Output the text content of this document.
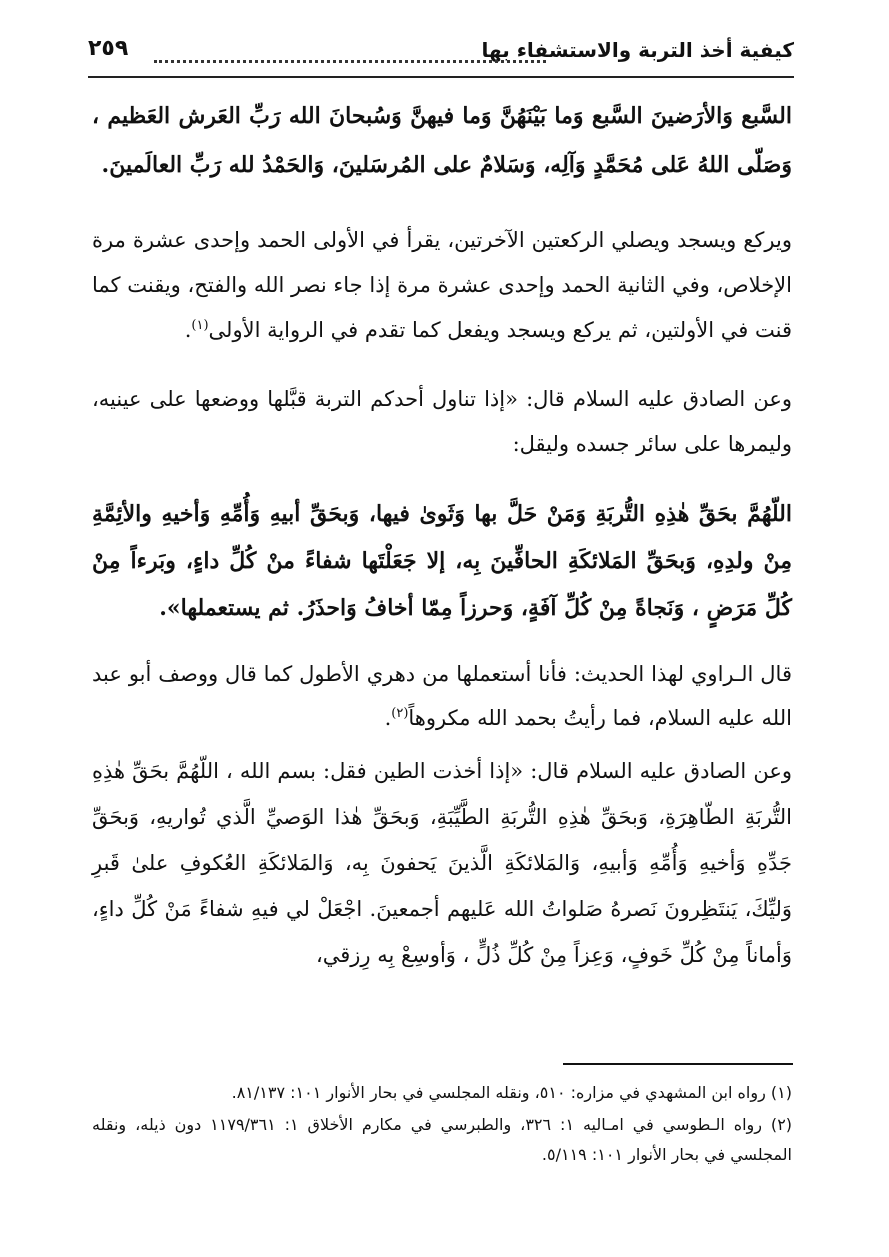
كيفية أخذ التربة والاستشفاء بها
٢٥٩

السَّبع وَالأرَضينَ السَّبع وَما بَيْنَهُنَّ وَما فيهنَّ وَسُبحانَ الله رَبِّ العَرش العَظيم ، وَصَلّى اللهُ عَلى مُحَمَّدٍ وَآلِه، وَسَلامٌ على المُرسَلينَ، وَالحَمْدُ لله رَبِّ العالَمينَ.

ويركع ويسجد ويصلي الركعتين الآخرتين، يقرأ في الأولى الحمد وإحدى عشرة مرة الإخلاص، وفي الثانية الحمد وإحدى عشرة مرة إذا جاء نصر الله والفتح، ويقنت كما قنت في الأولتين، ثم يركع ويسجد ويفعل كما تقدم في الرواية الأولى$^{(١)}$.

وعن الصادق عليه السلام قال: «إذا تناول أحدكم التربة قبَّلها ووضعها على عينيه، وليمرها على سائر جسده وليقل:

اللّهُمَّ بحَقِّ هٰذِهِ التُّربَةِ وَمَنْ حَلَّ بها وَثَوىٰ فيها، وَبحَقِّ أبيهِ وَأُمِّهِ وَأخيهِ والأئِمَّةِ مِنْ ولدِهِ، وَبحَقِّ المَلائكَةِ الحافِّينَ بِه، إلا جَعَلْتَها شفاءً منْ كُلِّ داءٍ، وبَرءاً مِنْ كُلِّ مَرَضٍ ، وَنَجاةً مِنْ كُلِّ آفَةٍ، وَحرزاً مِمّا أخافُ وَاحذَرُ. ثم يستعملها».

قال الـراوي لهذا الحديث: فأنا أستعملها من دهري الأطول كما قال ووصف أبو عبد الله عليه السلام، فما رأيتُ بحمد الله مكروهاً$^{(٢)}$.

وعن الصادق عليه السلام قال: «إذا أخذت الطين فقل: بسم الله ، اللّهُمَّ بحَقِّ هٰذِهِ التُّربَةِ الطّاهِرَةِ، وَبحَقِّ هٰذِهِ التُّربَةِ الطَّيِّبَةِ، وَبحَقِّ هٰذا الوَصيِّ الَّذي تُواريهِ، وَبحَقِّ جَدِّهِ وَأخيهِ وَأُمِّهِ وَأبيهِ، وَالمَلائكَةِ الَّذينَ يَحفونَ بِه، وَالمَلائكَةِ العُكوفِ علىٰ قَبرِ وَليِّكَ، يَنتَظِرونَ نَصرهُ صَلواتُ الله عَليهم أجمعينَ. اجْعَلْ لي فيهِ شفاءً مَنْ كُلِّ داءٍ، وَأماناً مِنْ كُلِّ خَوفٍ، وَعِزاً مِنْ كُلِّ ذُلٍّ ، وَأوسِعْ بِه رِزقي،

(١) رواه ابن المشهدي في مزاره: ٥١٠، ونقله المجلسي في بحار الأنوار ١٠١: ٨١/١٣٧.

(٢) رواه الـطوسي في امـاليه ١: ٣٢٦، والطبرسي في مكارم الأخلاق ١: ١١٧٩/٣٦١ دون ذيله، ونقله المجلسي في بحار الأنوار ١٠١: ٥/١١٩.
